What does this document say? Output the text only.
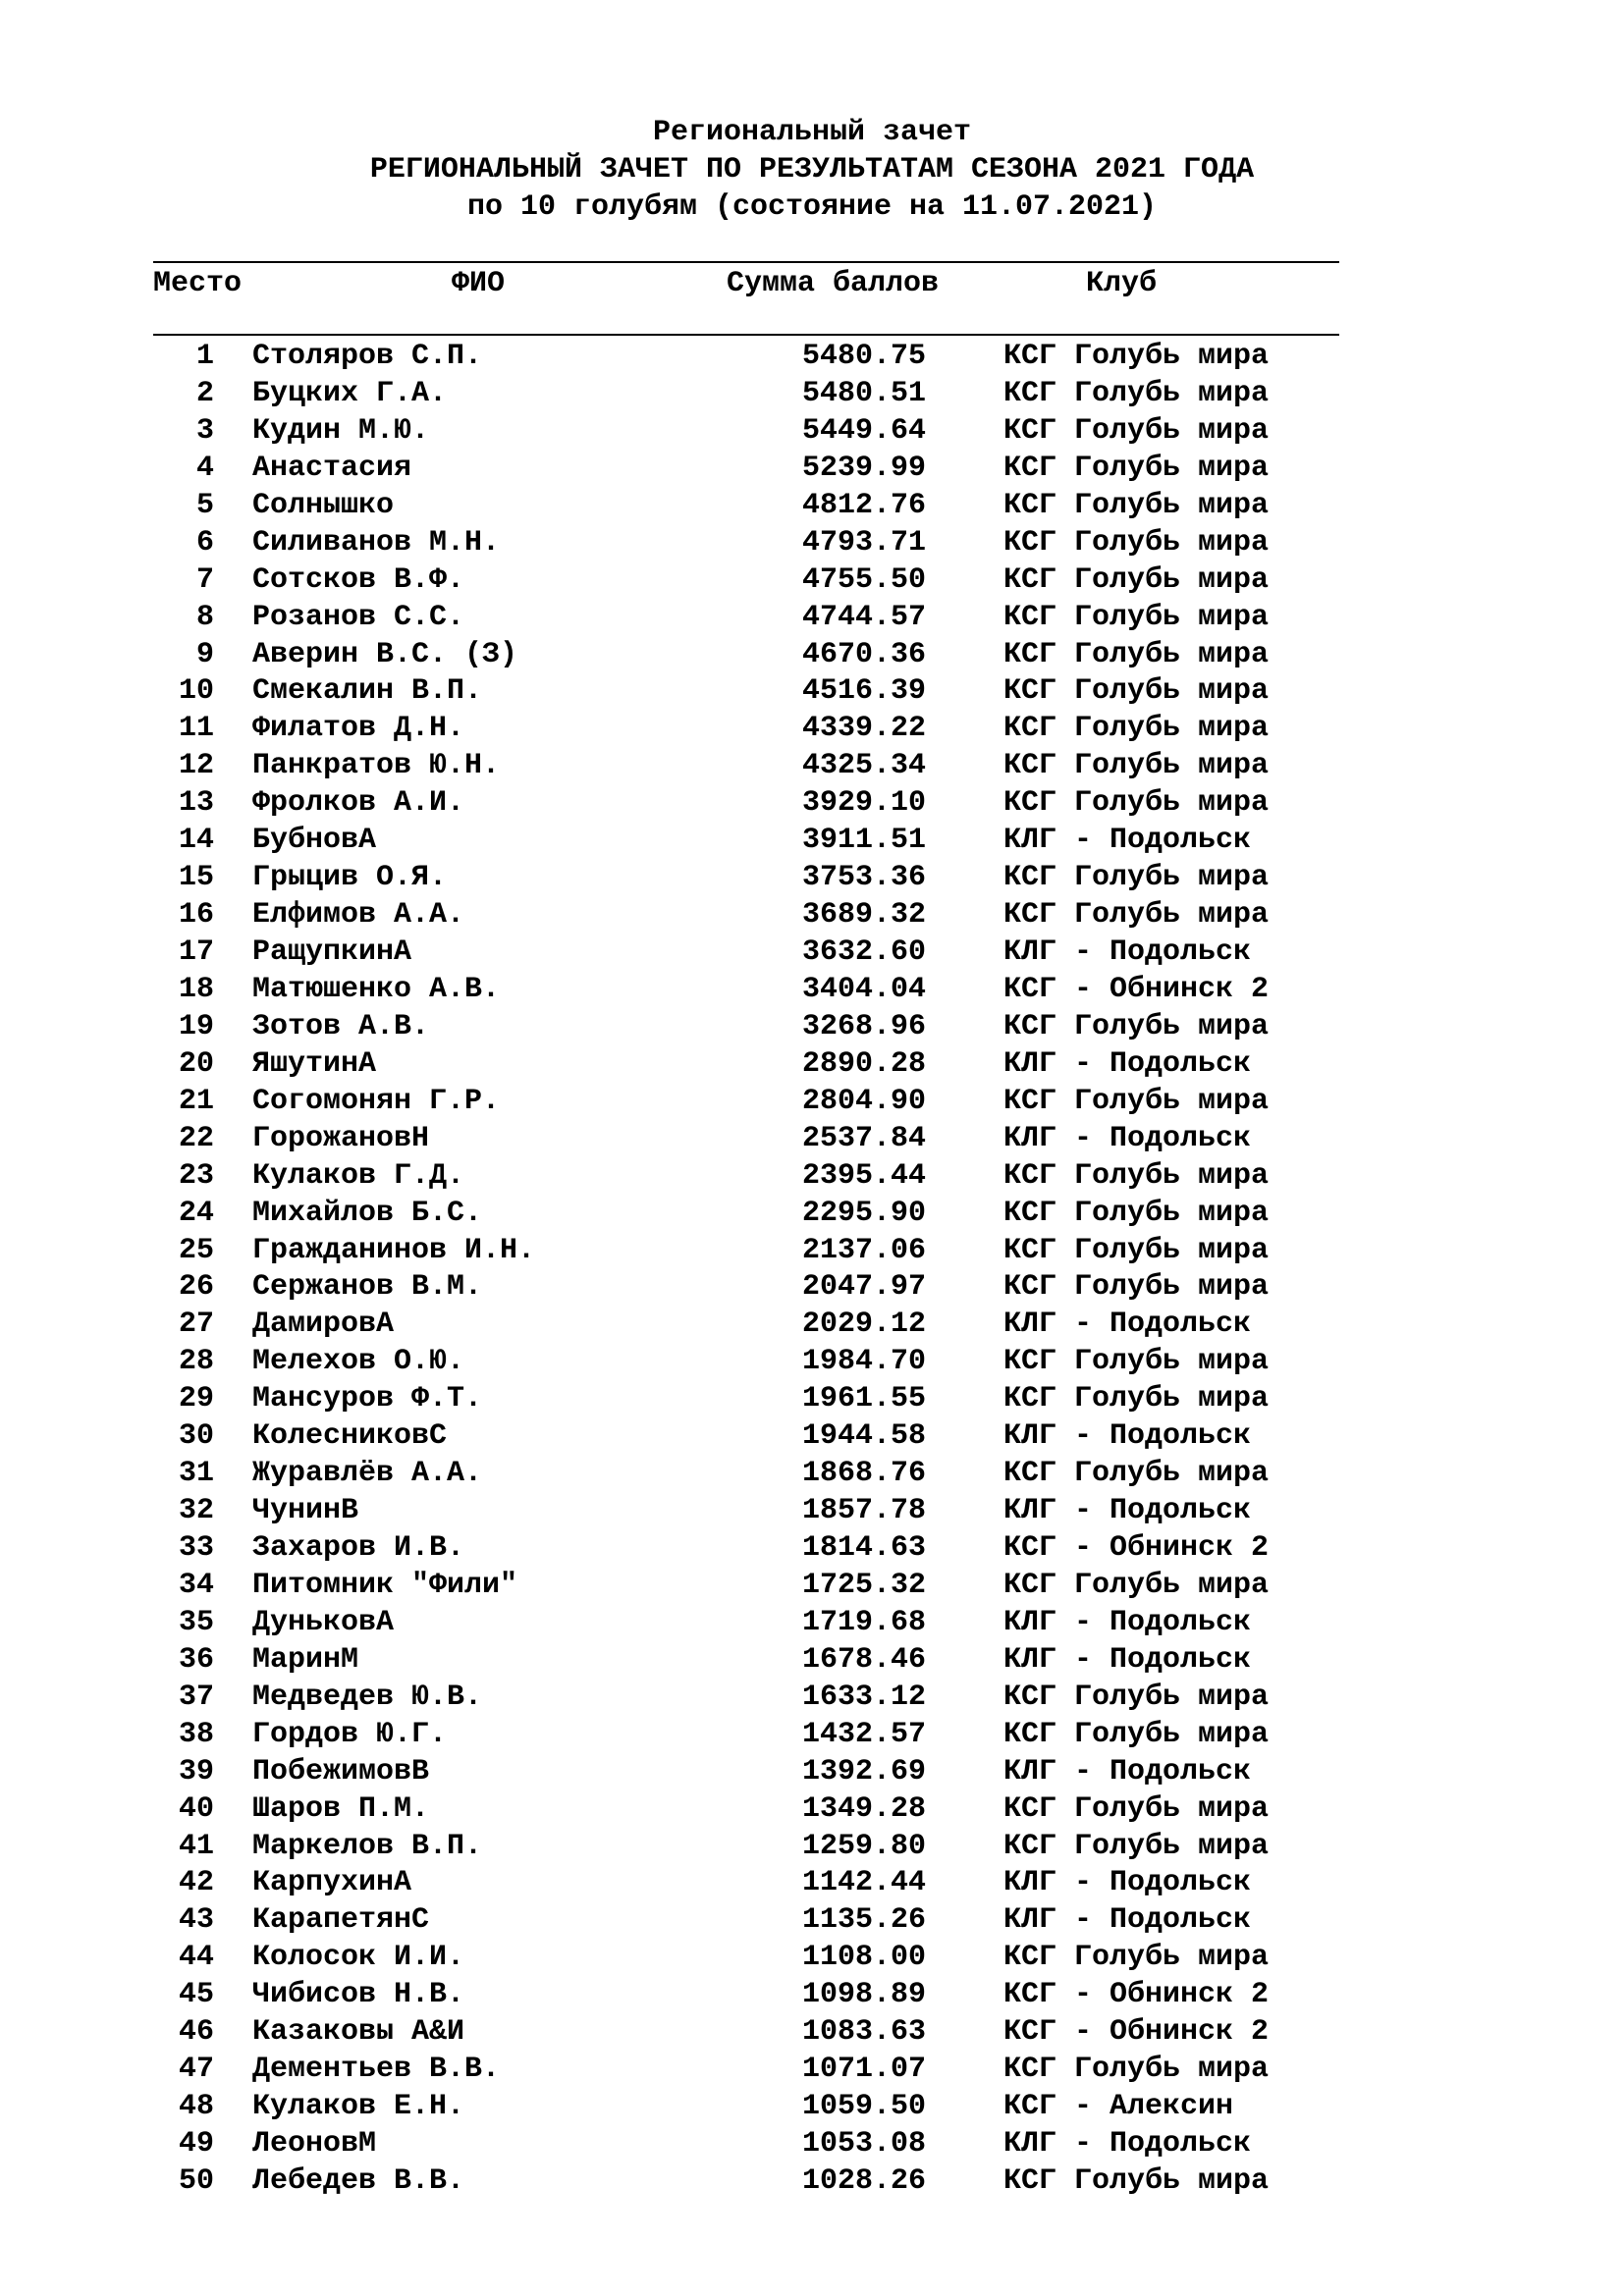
Региональный зачет
РЕГИОНАЛЬНЫЙ ЗАЧЕТ ПО РЕЗУЛЬТАТАМ СЕЗОНА 2021 ГОДА
по 10 голубям (состояние на 11.07.2021)
Место	ФИО	Сумма баллов	Клуб
1 Столяров С.П.	5480.75	КСГ Голубь мира
2 Буцких Г.А.	5480.51	КСГ Голубь мира
3 Кудин М.Ю.	5449.64	КСГ Голубь мира
4 Анастасия	5239.99	КСГ Голубь мира
5 Солнышко	4812.76	КСГ Голубь мира
6 Силиванов М.Н.	4793.71	КСГ Голубь мира
7 Сотсков В.Ф.	4755.50	КСГ Голубь мира
8 Розанов С.С.	4744.57	КСГ Голубь мира
9 Аверин В.С. (З)	4670.36	КСГ Голубь мира
10 Смекалин В.П.	4516.39	КСГ Голубь мира
11 Филатов Д.Н.	4339.22	КСГ Голубь мира
12 Панкратов Ю.Н.	4325.34	КСГ Голубь мира
13 Фролков А.И.	3929.10	КСГ Голубь мира
14 БубновА	3911.51	КЛГ - Подольск
15 Грыцив О.Я.	3753.36	КСГ Голубь мира
16 Елфимов А.А.	3689.32	КСГ Голубь мира
17 РащупкинА	3632.60	КЛГ - Подольск
18 Матюшенко А.В.	3404.04	КСГ - Обнинск 2
19 Зотов А.В.	3268.96	КСГ Голубь мира
20 ЯшутинА	2890.28	КЛГ - Подольск
21 Согомонян Г.Р.	2804.90	КСГ Голубь мира
22 ГорожановН	2537.84	КЛГ - Подольск
23 Кулаков Г.Д.	2395.44	КСГ Голубь мира
24 Михайлов Б.С.	2295.90	КСГ Голубь мира
25 Гражданинов И.Н.	2137.06	КСГ Голубь мира
26 Сержанов В.М.	2047.97	КСГ Голубь мира
27 ДамировА	2029.12	КЛГ - Подольск
28 Мелехов О.Ю.	1984.70	КСГ Голубь мира
29 Мансуров Ф.Т.	1961.55	КСГ Голубь мира
30 КолесниковС	1944.58	КЛГ - Подольск
31 Журавлёв А.А.	1868.76	КСГ Голубь мира
32 ЧунинВ	1857.78	КЛГ - Подольск
33 Захаров И.В.	1814.63	КСГ - Обнинск 2
34 Питомник "Фили"	1725.32	КСГ Голубь мира
35 ДуньковА	1719.68	КЛГ - Подольск
36 МаринМ	1678.46	КЛГ - Подольск
37 Медведев Ю.В.	1633.12	КСГ Голубь мира
38 Гордов Ю.Г.	1432.57	КСГ Голубь мира
39 ПобежимовВ	1392.69	КЛГ - Подольск
40 Шаров П.М.	1349.28	КСГ Голубь мира
41 Маркелов В.П.	1259.80	КСГ Голубь мира
42 КарпухинА	1142.44	КЛГ - Подольск
43 КарапетянС	1135.26	КЛГ - Подольск
44 Колосок И.И.	1108.00	КСГ Голубь мира
45 Чибисов Н.В.	1098.89	КСГ - Обнинск 2
46 Казаковы А&И	1083.63	КСГ - Обнинск 2
47 Дементьев В.В.	1071.07	КСГ Голубь мира
48 Кулаков Е.Н.	1059.50	КСГ - Алексин
49 ЛеоновМ	1053.08	КЛГ - Подольск
50 Лебедев В.В.	1028.26	КСГ Голубь мира
